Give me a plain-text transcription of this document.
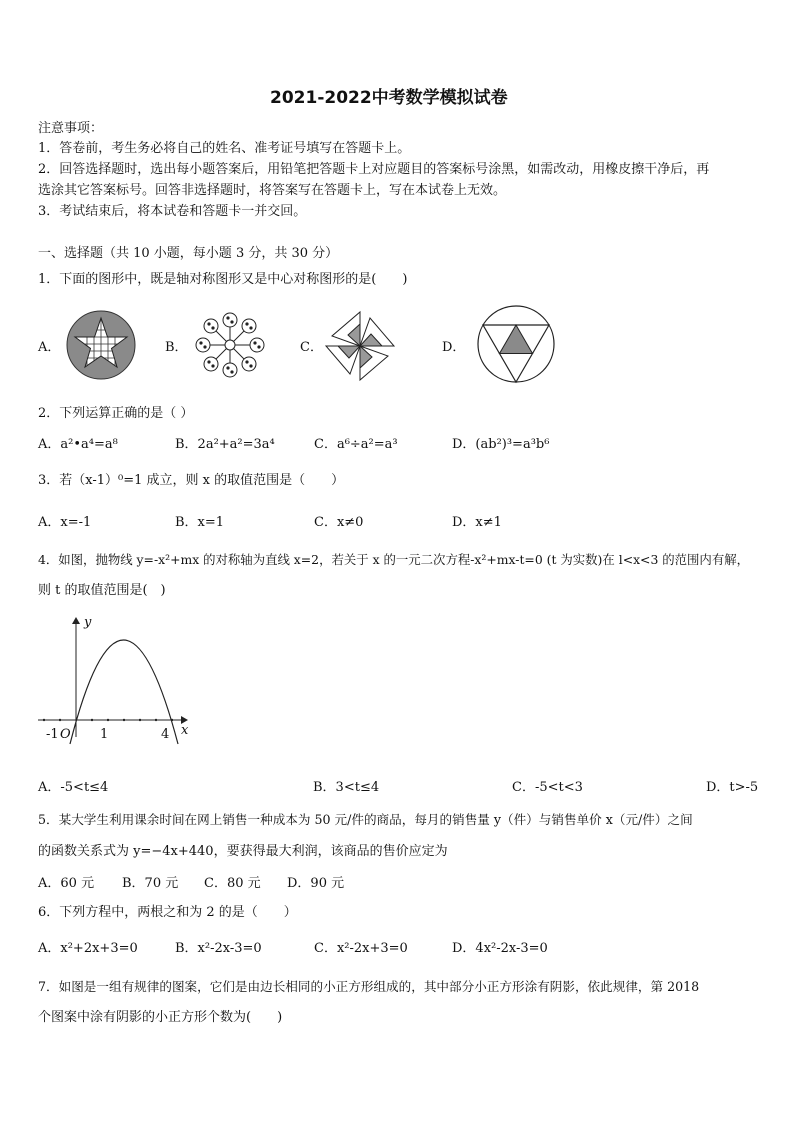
2021-2022中考数学模拟试卷
注意事项：
1．答卷前，考生务必将自己的姓名、准考证号填写在答题卡上。
2．回答选择题时，选出每小题答案后，用铅笔把答题卡上对应题目的答案标号涂黑，如需改动，用橡皮擦干净后，再
选涂其它答案标号。回答非选择题时，将答案写在答题卡上，写在本试卷上无效。
3．考试结束后，将本试卷和答题卡一并交回。
一、选择题（共 10 小题，每小题 3 分，共 30 分）
1．下面的图形中，既是轴对称图形又是中心对称图形的是(　　)
A．	B．	C．	D．
2．下列运算正确的是（ ）
A．a²•a⁴=a⁸	B．2a²+a²=3a⁴	C．a⁶÷a²=a³	D．(ab²)³=a³b⁶
3．若（x-1）⁰=1 成立，则 x 的取值范围是（　　）
A．x=-1	B．x=1	C．x≠0	D．x≠1
4．如图，抛物线 y=-x²+mx 的对称轴为直线 x=2，若关于 x 的一元二次方程-x²+mx-t=0 (t 为实数)在 l<x<3 的范围内有解，
则 t 的取值范围是(　)
y
x
-1 O 1	4
A．-5<t≤4	B．3<t≤4	C．-5<t<3	D．t>-5
5．某大学生利用课余时间在网上销售一种成本为 50 元/件的商品，每月的销售量 y（件）与销售单价 x（元/件）之间
的函数关系式为 y=−4x+440，要获得最大利润，该商品的售价应定为
A．60 元 B．70 元 C．80 元 D．90 元
6．下列方程中，两根之和为 2 的是（　　）
A．x²+2x+3=0	B．x²-2x-3=0	C．x²-2x+3=0	D．4x²-2x-3=0
7．如图是一组有规律的图案，它们是由边长相同的小正方形组成的，其中部分小正方形涂有阴影，依此规律，第 2018
个图案中涂有阴影的小正方形个数为(　　)
